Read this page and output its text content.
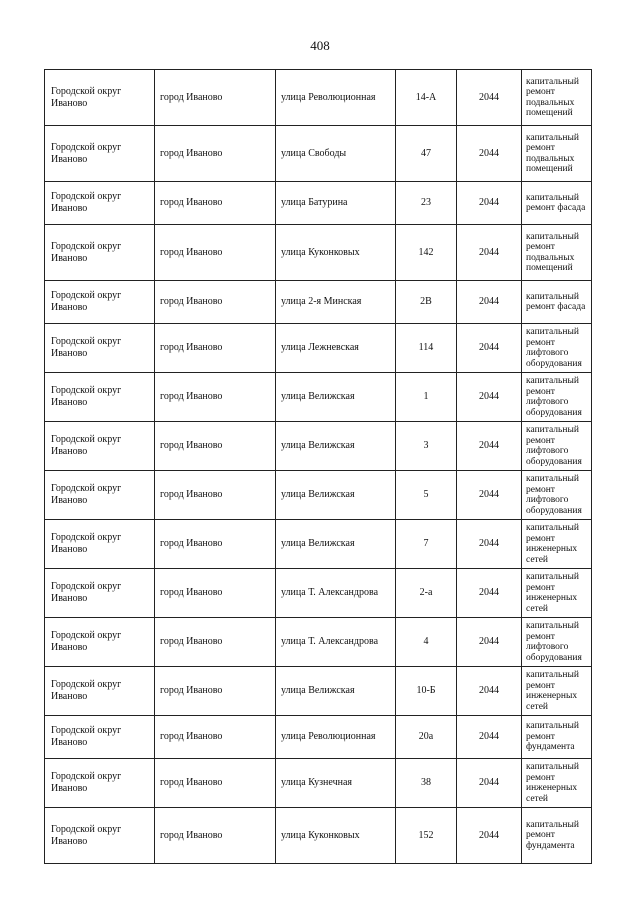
408
Городской округ
Иваново	город Иваново	улица Революционная	14-А	2044	капитальный ремонт подвальных помещений

Городской округ
Иваново	город Иваново	улица Свободы	47	2044	капитальный ремонт подвальных помещений

Городской округ
Иваново	город Иваново	улица Батурина	23	2044	капитальный ремонт фасада

Городской округ
Иваново	город Иваново	улица Куконковых	142	2044	капитальный ремонт подвальных помещений

Городской округ
Иваново	город Иваново	улица 2-я Минская	2В	2044	капитальный ремонт фасада

Городской округ
Иваново	город Иваново	улица Лежневская	114	2044	капитальный ремонт лифтового оборудования

Городской округ
Иваново	город Иваново	улица Велижская	1	2044	капитальный ремонт лифтового оборудования

Городской округ
Иваново	город Иваново	улица Велижская	3	2044	капитальный ремонт лифтового оборудования

Городской округ
Иваново	город Иваново	улица Велижская	5	2044	капитальный ремонт лифтового оборудования

Городской округ
Иваново	город Иваново	улица Велижская	7	2044	капитальный ремонт инженерных сетей

Городской округ
Иваново	город Иваново	улица Т. Александрова	2-а	2044	капитальный ремонт инженерных сетей

Городской округ
Иваново	город Иваново	улица Т. Александрова	4	2044	капитальный ремонт лифтового оборудования

Городской округ
Иваново	город Иваново	улица Велижская	10-Б	2044	капитальный ремонт инженерных сетей

Городской округ
Иваново	город Иваново	улица Революционная	20а	2044	капитальный ремонт фундамента

Городской округ
Иваново	город Иваново	улица Кузнечная	38	2044	капитальный ремонт инженерных сетей

Городской округ
Иваново	город Иваново	улица Куконковых	152	2044	капитальный ремонт фундамента
